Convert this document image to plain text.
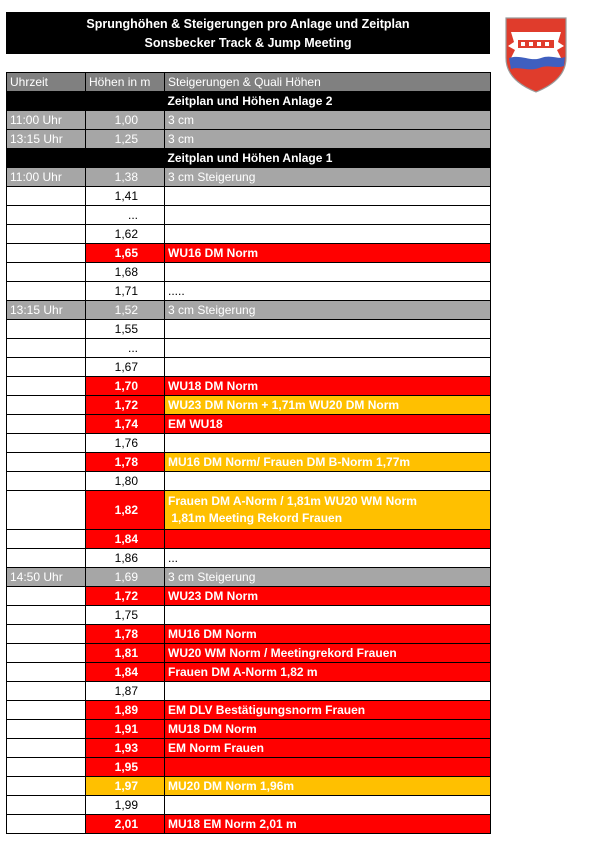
Sprunghöhen & Steigerungen pro Anlage und Zeitplan
Sonsbecker Track & Jump Meeting
Uhrzeit	Höhen in m	Steigerungen & Quali Höhen
Zeitplan und Höhen Anlage 2		
11:00 Uhr	1,00	3 cm
13:15 Uhr	1,25	3 cm
Zeitplan und Höhen Anlage 1		
11:00 Uhr	1,38	3 cm Steigerung
	1,41	
	...	
	1,62	
	1,65	WU16 DM Norm
	1,68	
	1,71	.....
13:15 Uhr	1,52	3 cm Steigerung
	1,55	
	...	
	1,67	
	1,70	WU18 DM Norm
	1,72	WU23 DM Norm + 1,71m WU20 DM Norm
	1,74	EM WU18
	1,76	
	1,78	MU16 DM Norm/ Frauen DM B-Norm 1,77m
	1,80	
	1,82	Frauen DM A-Norm / 1,81m WU20 WM Norm
1,81m Meeting Rekord Frauen

	1,84	
	1,86	...
14:50 Uhr	1,69	3 cm Steigerung
	1,72	WU23 DM Norm
	1,75	
	1,78	MU16 DM Norm
	1,81	WU20 WM Norm / Meetingrekord Frauen
	1,84	Frauen DM A-Norm 1,82 m
	1,87	
	1,89	EM DLV Bestätigungsnorm Frauen
	1,91	MU18 DM Norm
	1,93	EM Norm Frauen
	1,95	
	1,97	MU20 DM Norm 1,96m
	1,99	
	2,01	MU18 EM Norm 2,01 m
